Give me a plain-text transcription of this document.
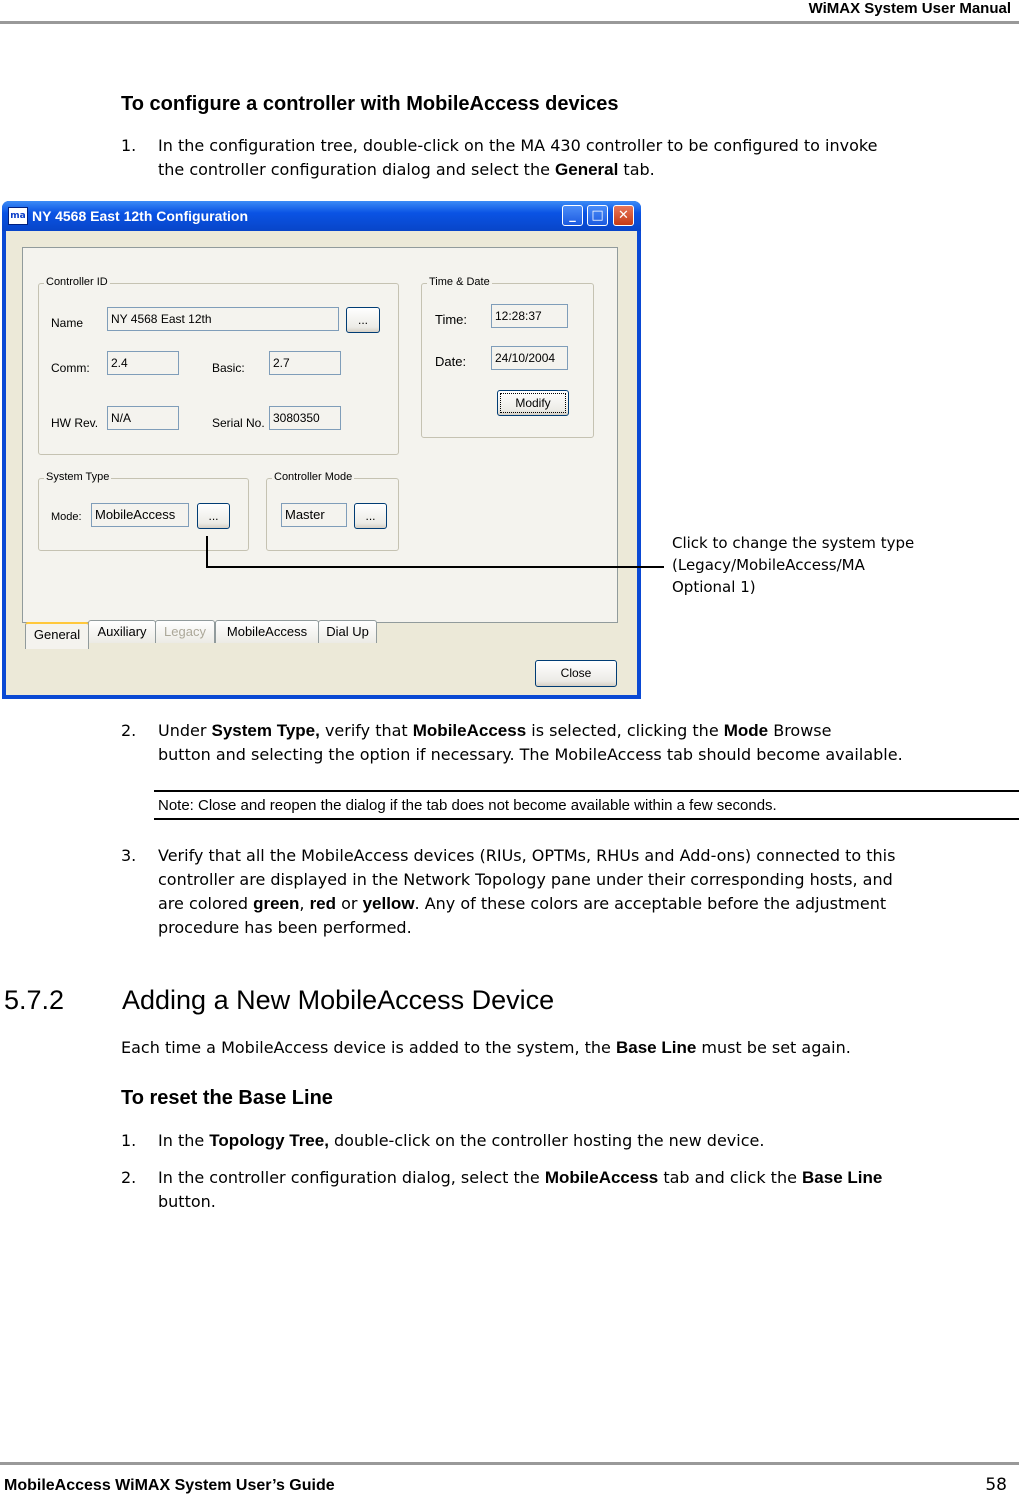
WiMAX System User Manual
MobileAccess WiMAX System User’s Guide	58
To configure a controller with MobileAccess devices
1. In the configuration tree, double-click on the MA 430 controller to be configured to invoke
the controller configuration dialog and select the General tab.
ma NY 4568 East 12th Configuration	_	□	✕
Controller ID
Name	NY 4568 East 12th	...
Comm:	2.4	Basic:	2.7
HW Rev.	N/A	Serial No. 3080350
Time & Date
Time:	12:28:37
Date:	24/10/2004
Modify
System Type
Mode:	MobileAccess	...
Controller Mode
Master	...
General	Auxiliary	Legacy	MobileAccess	Dial Up
Close
Click to change the system type
(Legacy/MobileAccess/MA
Optional 1)
2. Under System Type, verify that MobileAccess is selected, clicking the Mode Browse
button and selecting the option if necessary. The MobileAccess tab should become available.
Note: Close and reopen the dialog if the tab does not become available within a few seconds.
3. Verify that all the MobileAccess devices (RIUs, OPTMs, RHUs and Add-ons) connected to this
controller are displayed in the Network Topology pane under their corresponding hosts, and
are colored green, red or yellow. Any of these colors are acceptable before the adjustment
procedure has been performed.
5.7.2 Adding a New MobileAccess Device
Each time a MobileAccess device is added to the system, the Base Line must be set again.
To reset the Base Line
1. In the Topology Tree, double-click on the controller hosting the new device.
2. In the controller configuration dialog, select the MobileAccess tab and click the Base Line
button.
